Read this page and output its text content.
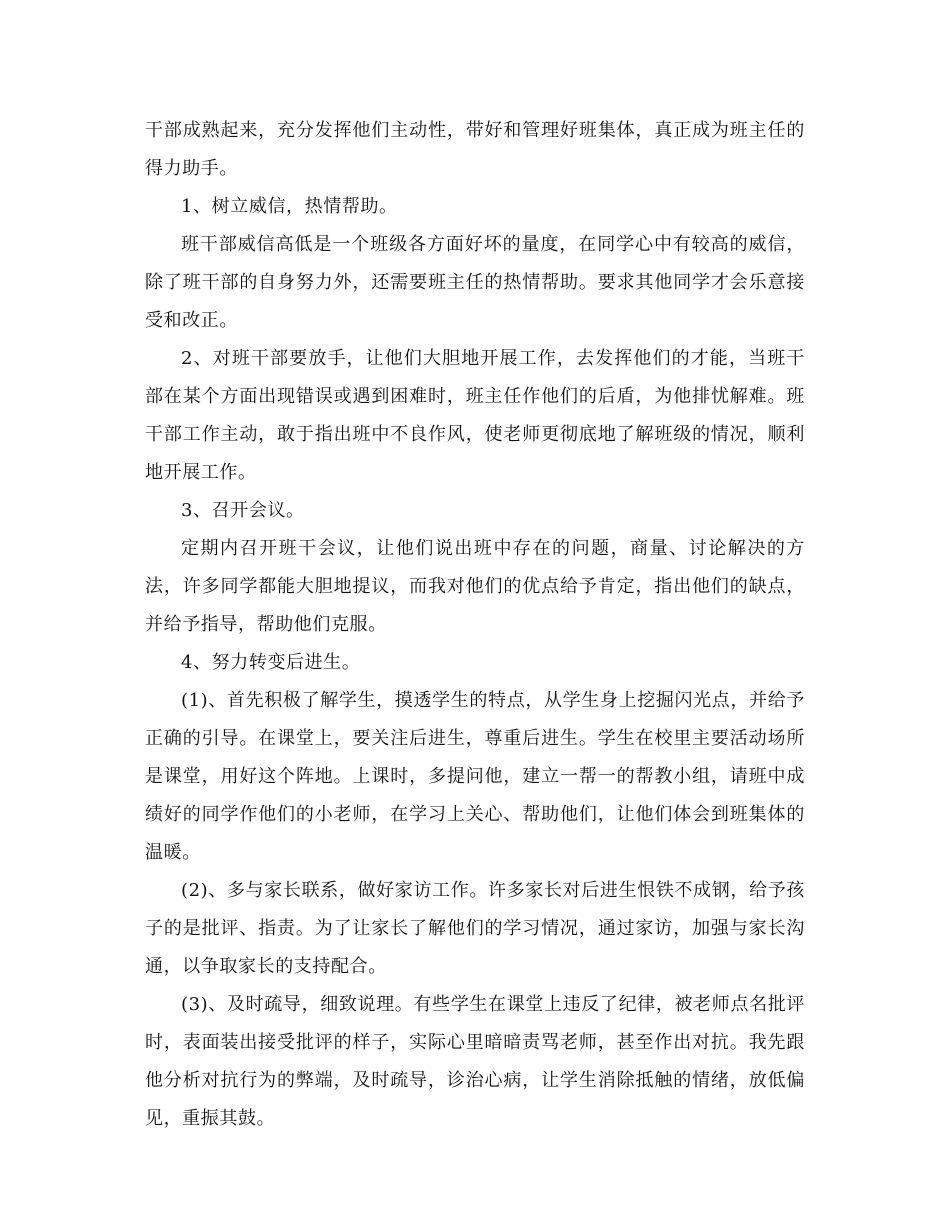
干部成熟起来，充分发挥他们主动性，带好和管理好班集体，真正成为班主任的得力助手。

1、树立威信，热情帮助。

班干部威信高低是一个班级各方面好坏的量度，在同学心中有较高的威信，除了班干部的自身努力外，还需要班主任的热情帮助。要求其他同学才会乐意接受和改正。

2、对班干部要放手，让他们大胆地开展工作，去发挥他们的才能，当班干部在某个方面出现错误或遇到困难时，班主任作他们的后盾，为他排忧解难。班干部工作主动，敢于指出班中不良作风，使老师更彻底地了解班级的情况，顺利地开展工作。

3、召开会议。

定期内召开班干会议，让他们说出班中存在的问题，商量、讨论解决的方法，许多同学都能大胆地提议，而我对他们的优点给予肯定，指出他们的缺点，并给予指导，帮助他们克服。

4、努力转变后进生。

(1)、首先积极了解学生，摸透学生的特点，从学生身上挖掘闪光点，并给予正确的引导。在课堂上，要关注后进生，尊重后进生。学生在校里主要活动场所是课堂，用好这个阵地。上课时，多提问他，建立一帮一的帮教小组，请班中成绩好的同学作他们的小老师，在学习上关心、帮助他们，让他们体会到班集体的温暖。

(2)、多与家长联系，做好家访工作。许多家长对后进生恨铁不成钢，给予孩子的是批评、指责。为了让家长了解他们的学习情况，通过家访，加强与家长沟通，以争取家长的支持配合。

(3)、及时疏导，细致说理。有些学生在课堂上违反了纪律，被老师点名批评时，表面装出接受批评的样子，实际心里暗暗责骂老师，甚至作出对抗。我先跟他分析对抗行为的弊端，及时疏导，诊治心病，让学生消除抵触的情绪，放低偏见，重振其鼓。
